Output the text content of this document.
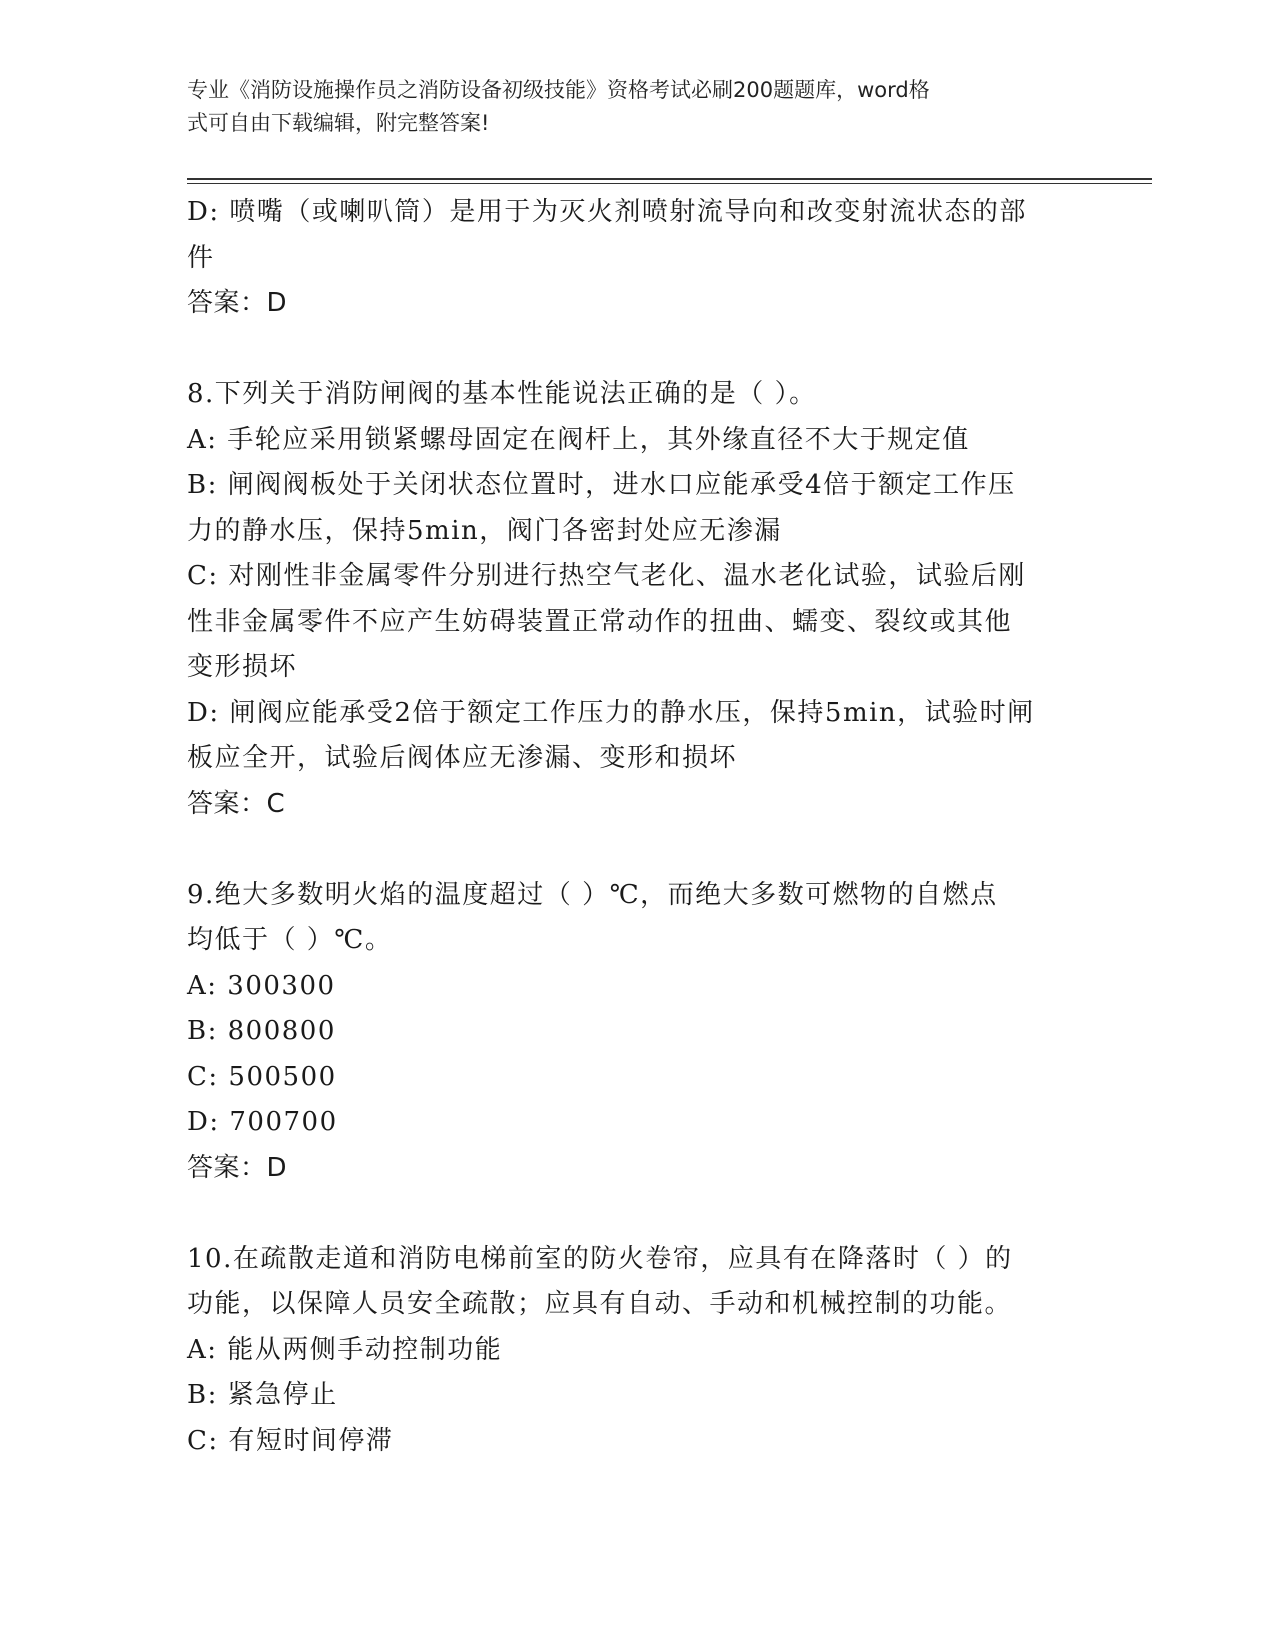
专业《消防设施操作员之消防设备初级技能》资格考试必刷200题题库，word格

式可自由下载编辑，附完整答案!

D: 喷嘴（或喇叭筒）是用于为灭火剂喷射流导向和改变射流状态的部
件
答案：D
8.下列关于消防闸阀的基本性能说法正确的是（ ）。
A: 手轮应采用锁紧螺母固定在阀杆上，其外缘直径不大于规定值
B: 闸阀阀板处于关闭状态位置时，进水口应能承受4倍于额定工作压
力的静水压，保持5min，阀门各密封处应无渗漏
C: 对刚性非金属零件分别进行热空气老化、温水老化试验，试验后刚
性非金属零件不应产生妨碍装置正常动作的扭曲、蠕变、裂纹或其他
变形损坏
D: 闸阀应能承受2倍于额定工作压力的静水压，保持5min，试验时闸
板应全开，试验后阀体应无渗漏、变形和损坏
答案：C
9.绝大多数明火焰的温度超过（ ）℃，而绝大多数可燃物的自燃点
均低于（ ）℃。
A: 300300
B: 800800
C: 500500
D: 700700
答案：D
10.在疏散走道和消防电梯前室的防火卷帘，应具有在降落时（ ）的
功能，以保障人员安全疏散；应具有自动、手动和机械控制的功能。
A: 能从两侧手动控制功能
B: 紧急停止
C: 有短时间停滞
